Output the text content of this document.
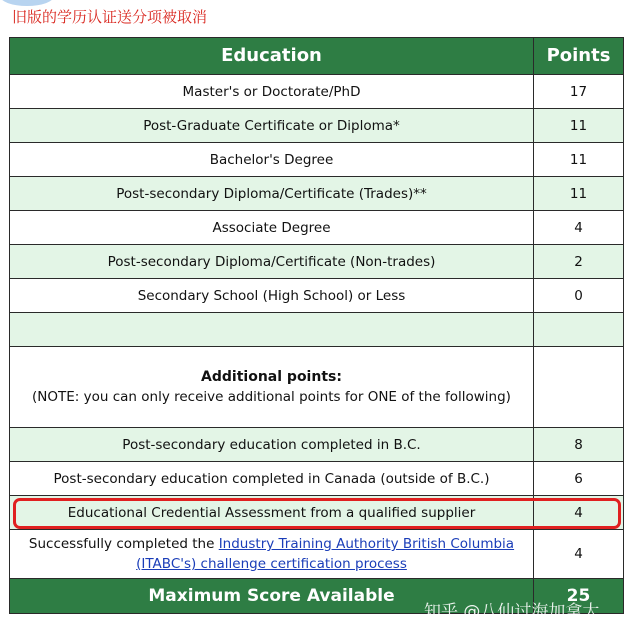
旧版的学历认证送分项被取消
Education	Points
Master's or Doctorate/PhD	17
Post-Graduate Certificate or Diploma*	11
Bachelor's Degree	11
Post-secondary Diploma/Certificate (Trades)**	11
Associate Degree	4
Post-secondary Diploma/Certificate (Non-trades)	2
Secondary School (High School) or Less	0

Additional points:
(NOTE: you can only receive additional points for ONE of the following)	

Post-secondary education completed in B.C.	8
Post-secondary education completed in Canada (outside of B.C.)	6
Educational Credential Assessment from a qualified supplier	4
Successfully completed the Industry Training Authority British Columbia (ITABC's) challenge certification process	4
Maximum Score Available	25
知乎 @八仙过海加拿大
